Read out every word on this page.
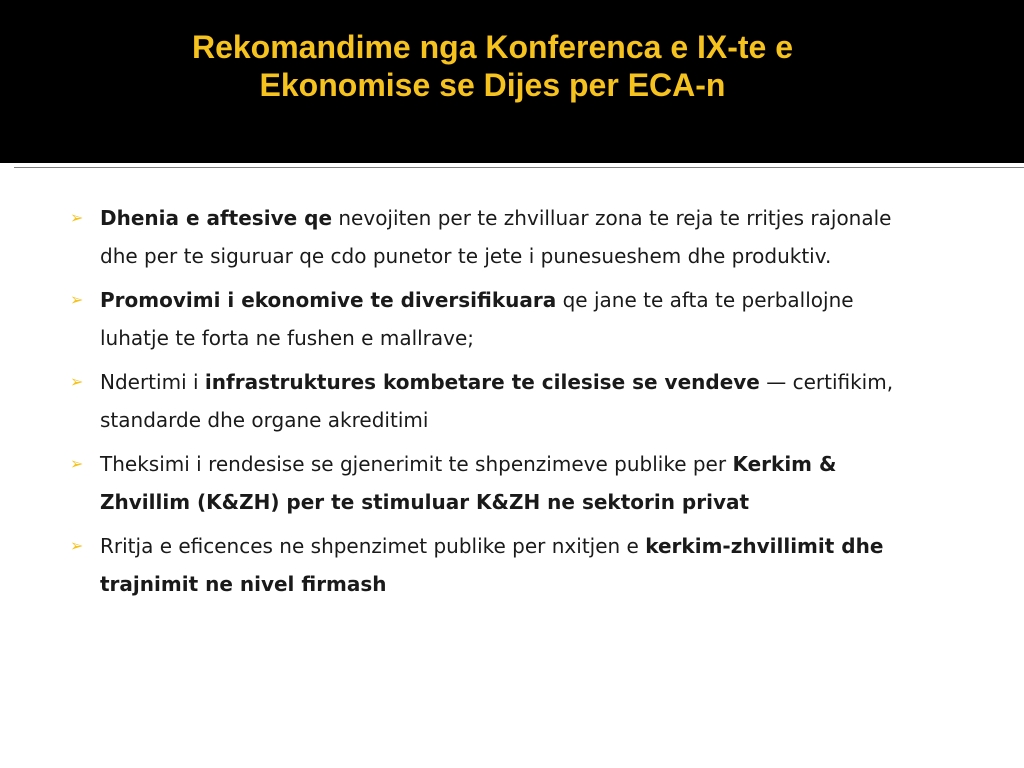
Rekomandime nga Konferenca e IX-te e
Ekonomise se Dijes per ECA-n
➢ Dhenia e aftesive qe nevojiten per te zhvilluar zona te reja te rritjes rajonale dhe per te siguruar qe cdo punetor te jete i punesueshem dhe produktiv.
➢ Promovimi i ekonomive te diversifikuara qe jane te afta te perballojne luhatje te forta ne fushen e mallrave;
➢ Ndertimi i infrastruktures kombetare te cilesise se vendeve — certifikim, standarde dhe organe akreditimi
➢ Theksimi i rendesise se gjenerimit te shpenzimeve publike per Kerkim & Zhvillim (K&ZH) per te stimuluar K&ZH ne sektorin privat
➢ Rritja e eficences ne shpenzimet publike per nxitjen e kerkim-zhvillimit dhe trajnimit ne nivel firmash
